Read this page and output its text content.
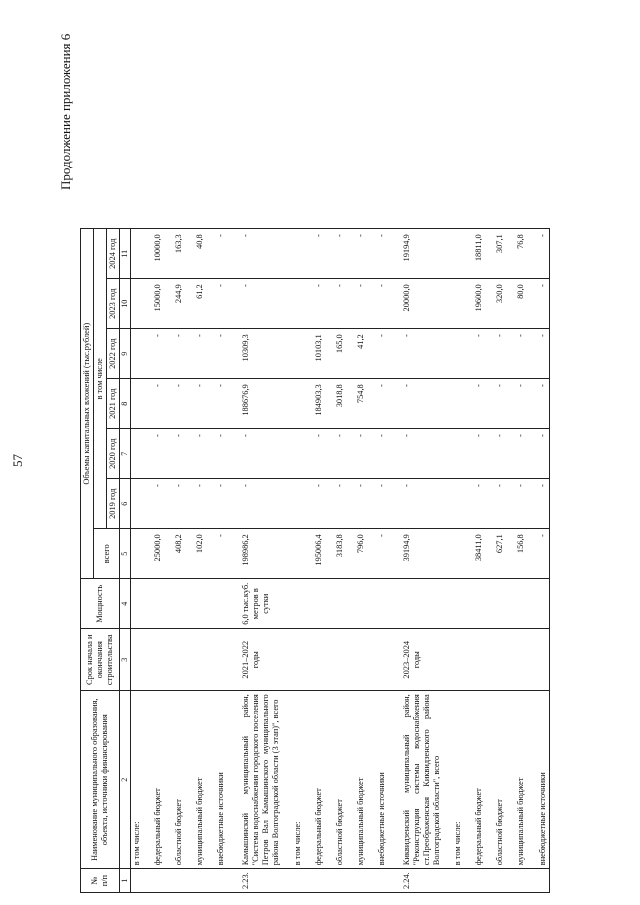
57
Продолжение приложения 6
№ п/п	Наименование муниципального образования, объекта, источники финансирования	Срок начала и окончания строительства	Мощность	Объемы капитальных вложений (тыс.рублей)						
				всего	в том числе					
					2019 год	2020 год	2021 год	2022 год	2023 год	2024 год
1	2	3	4	5	6	7	8	9	10	11
	в том числе:									
	федеральный бюджет			25000,0	-	-	-	-	15000,0	10000,0
	областной бюджет			408,2	-	-	-	-	244,9	163,3
	муниципальный бюджет			102,0	-	-	-	-	61,2	40,8
	внебюджетные источники			-	-	-	-	-	-	-
2.23.	Камышинский муниципальный район, "Система водоснабжения городского поселения Петров Вал Камышинского муниципального района Волгоградской области (3 этап)", всего	2021–2022 годы	6,0 тыс.куб. метров в сутки	198986,2	-	-	188676,9	10309,3	-	-
	в том числе:									
	федеральный бюджет			195006,4	-	-	184903,3	10103,1	-	-
	областной бюджет			3183,8	-	-	3018,8	165,0	-	-
	муниципальный бюджет			796,0	-	-	754,8	41,2	-	-
	внебюджетные источники			-	-	-	-	-	-	-
2.24.	Киквидзенский муниципальный район, "Реконструкция системы водоснабжения ст.Преображенская Киквидзенского района Волгоградской области", всего	2023–2024 годы		39194,9	-	-	-	-	20000,0	19194,9
	в том числе:									
	федеральный бюджет			38411,0	-	-	-	-	19600,0	18811,0
	областной бюджет			627,1	-	-	-	-	320,0	307,1
	муниципальный бюджет			156,8	-	-	-	-	80,0	76,8
	внебюджетные источники			-	-	-	-	-	-	-
